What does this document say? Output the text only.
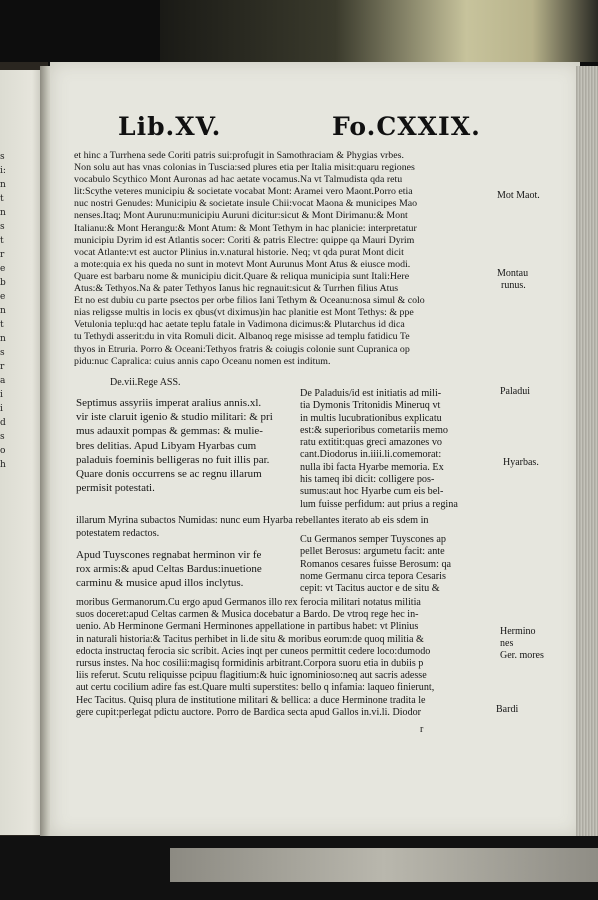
s
i:
n
t
n
s
t
r
e
b
e
n
t
n
s
r
a
i
i
d
s
o
h
Lib.XV.	Fo.CXXIX.
et hinc a Turrhena sede Coriti patris sui:profugit in Samothraciam & Phygias vrbes.
Non solu aut has vnas colonias in Tuscia:sed plures etia per Italia misit:quaru regiones
vocabulo Scythico Mont Auronas ad hac aetate vocamus.Na vt Talmudista qda retu
lit:Scythe veteres municipiu & societate vocabat Mont: Aramei vero Maont.Porro etia
nuc nostri Genudes: Municipiu & societate insule Chii:vocat Maona & municipes Mao
nenses.Itaq; Mont Aurunu:municipiu Auruni dicitur:sicut & Mont Dirimanu:& Mont
Italianu:& Mont Herangu:& Mont Atum: & Mont Tethym in hac planicie: interpretatur
municipiu Dyrim id est Atlantis socer: Coriti & patris Electre: quippe qa Mauri Dyrim
vocat Atlante:vt est auctor Plinius in.v.natural historie. Neq; vt qda purat Mont dicit
a mote:quia ex his queda no sunt in motevt Mont Aurunus Mont Atus & eiusce modi.
Quare est barbaru nome & municipiu dicit.Quare & reliqua municipia sunt Itali:Here
Atus:& Tethyos.Na & pater Tethyos Ianus hic regnauit:sicut & Turrhen filius Atus
Et no est dubiu cu parte psectos per orbe filios Iani Tethym & Oceanu:nosa simul & colo
nias religsse multis in locis ex qbus(vt diximus)in hac planitie est Mont Tethys: & ppe
Vetulonia teplu:qd hac aetate teplu fatale in Vadimona dicimus:& Plutarchus id dica
tu Tethydi asserit:du in vita Romuli dicit. Albanoq rege misisse ad templu fatidicu Te
thyos in Etruria. Porro & Oceani:Tethyos fratris & coiugis colonie sunt Cupranica op
pidu:nuc Capralica: cuius annis capo Oceanu nomen est inditum.
De.vii.Rege ASS.
Septimus assyriis imperat aralius annis.xl.
vir iste claruit igenio & studio militari: & pri
mus adauxit pompas & gemmas: & mulie-
bres delitias. Apud Libyam Hyarbas cum
paladuis foeminis belligeras no fuit illis par.
Quare donis occurrens se ac regnu illarum
permisit potestati.
De Paladuis/id est initiatis ad mili-
tia Dymonis Tritonidis Mineruq vt
in multis lucubrationibus explicatu
est:& superioribus cometariis memo
ratu extitit:quas greci amazones vo
cant.Diodorus in.iiii.li.comemorat:
nulla ibi facta Hyarbe memoria. Ex
his tameq ibi dicit: colligere pos-
sumus:aut hoc Hyarbe cum eis bel-
lum fuisse perfidum: aut prius a regina
illarum Myrina subactos Numidas: nunc eum Hyarba rebellantes iterato ab eis sdem in
potestatem redactos.
Apud Tuyscones regnabat herminon vir fe
rox armis:& apud Celtas Bardus:inuetione
carminu & musice apud illos inclytus.
Cu Germanos semper Tuyscones ap
pellet Berosus: argumetu facit: ante
Romanos cesares fuisse Berosum: qa
nome Germanu circa tepora Cesaris
cepit: vt Tacitus auctor e de situ &
moribus Germanorum.Cu ergo apud Germanos illo rex ferocia militari notatus militia
suos doceret:apud Celtas carmen & Musica docebatur a Bardo. De vtroq rege hec in-
uenio. Ab Herminone Germani Herminones appellatione in partibus habet: vt Plinius
in naturali historia:& Tacitus perhibet in li.de situ & moribus eorum:de quoq militia &
edocta instructaq ferocia sic scribit. Acies inqt per cuneos permittit cedere loco:dumodo
rursus instes. Na hoc cosilii:magisq formidinis arbitrant.Corpora suoru etia in dubiis p
liis referut. Scutu reliquisse pcipuu flagitium:& huic ignominioso:neq aut sacris adesse
aut certu cocilium adire fas est.Quare multi superstites: bello q infamia: laqueo finierunt,
Hec Tacitus. Quisq plura de institutione militari & bellica: a duce Herminone tradita le
gere cupit:perlegat pdictu auctore. Porro de Bardica secta apud Gallos in.vi.li. Diodor
r
Mot Maot.
Montau
runus.
Paladui
Hyarbas.
Hermino
nes
Ger. mores
Bardi
